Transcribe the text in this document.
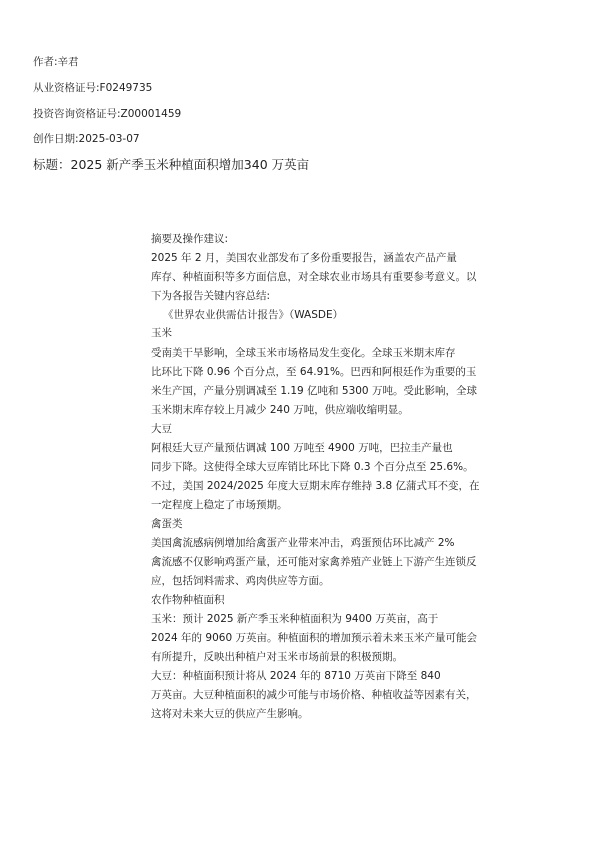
作者:辛君
从业资格证号:F0249735
投资咨询资格证号:Z00001459
创作日期:2025-03-07
标题：2025 新产季玉米种植面积增加340 万英亩
摘要及操作建议:
2025 年 2 月，美国农业部发布了多份重要报告，涵盖农产品产量
库存、种植面积等多方面信息，对全球农业市场具有重要参考意义。以
下为各报告关键内容总结:
《世界农业供需估计报告》（WASDE）
玉米
受南美干旱影响，全球玉米市场格局发生变化。全球玉米期末库存
比环比下降 0.96 个百分点，至 64.91%。巴西和阿根廷作为重要的玉
米生产国，产量分别调减至 1.19 亿吨和 5300 万吨。受此影响，全球
玉米期末库存较上月减少 240 万吨，供应端收缩明显。
大豆
阿根廷大豆产量预估调减 100 万吨至 4900 万吨，巴拉圭产量也
同步下降。这使得全球大豆库销比环比下降 0.3 个百分点至 25.6%。
不过，美国 2024/2025 年度大豆期末库存维持 3.8 亿蒲式耳不变，在
一定程度上稳定了市场预期。
禽蛋类
美国禽流感病例增加给禽蛋产业带来冲击，鸡蛋预估环比减产 2%
禽流感不仅影响鸡蛋产量，还可能对家禽养殖产业链上下游产生连锁反
应，包括饲料需求、鸡肉供应等方面。
农作物种植面积
玉米：预计 2025 新产季玉米种植面积为 9400 万英亩，高于
2024 年的 9060 万英亩。种植面积的增加预示着未来玉米产量可能会
有所提升，反映出种植户对玉米市场前景的积极预期。
大豆：种植面积预计将从 2024 年的 8710 万英亩下降至 840
万英亩。大豆种植面积的减少可能与市场价格、种植收益等因素有关，
这将对未来大豆的供应产生影响。
